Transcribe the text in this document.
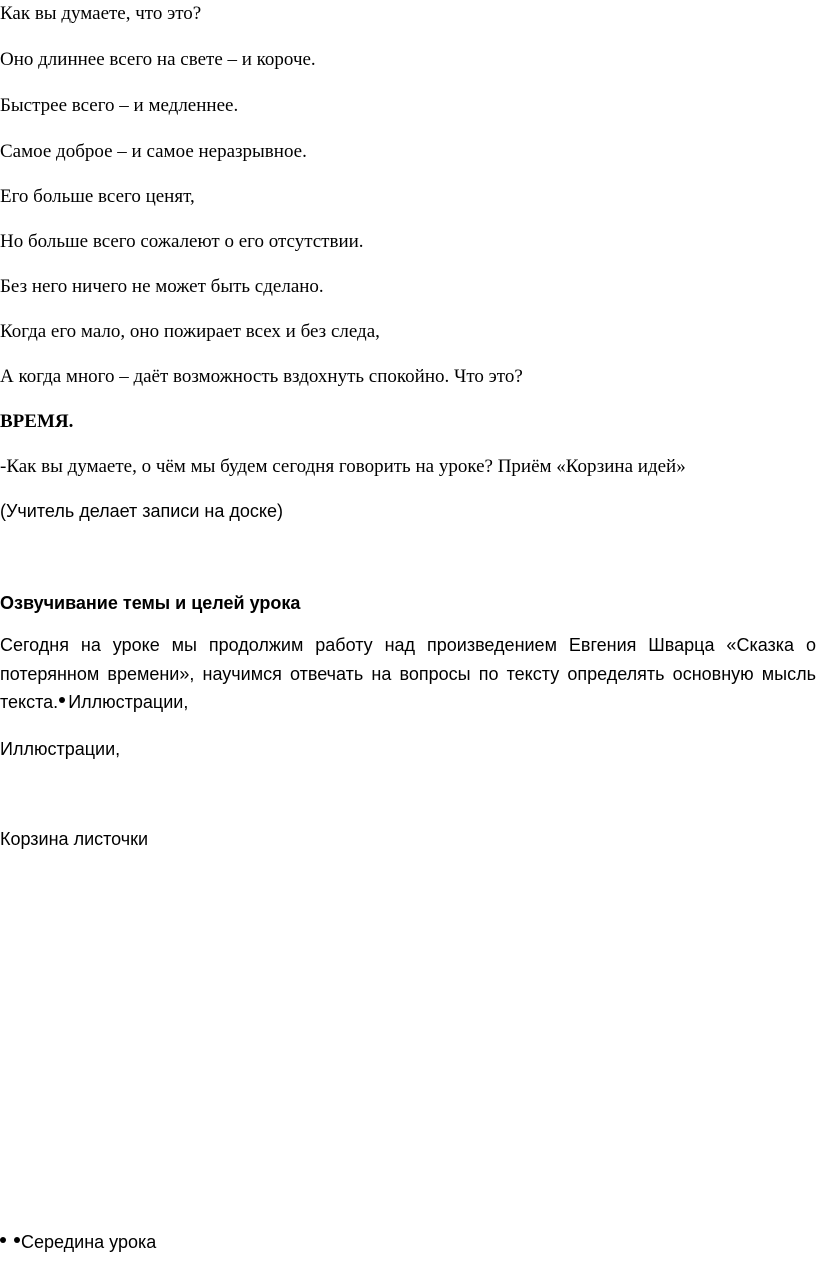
Как вы думаете, что это?

Оно длиннее всего на свете – и короче.

Быстрее всего – и медленнее.

Самое доброе – и самое неразрывное.

Его больше всего ценят,

Но больше всего сожалеют о его отсутствии.

Без него ничего не может быть сделано.

Когда его мало, оно пожирает всех и без следа,

А когда много – даёт возможность вздохнуть спокойно. Что это?

ВРЕМЯ.

-Как вы думаете, о чём мы будем сегодня говорить на уроке? Приём «Корзина идей»

(Учитель делает записи на доске)

Озвучивание темы и целей урока

Сегодня на уроке мы продолжим работу над произведением Евгения Шварца «Сказка о потерянном времени», научимся отвечать на вопросы по тексту определять основную мысль текста. Иллюстрации,

Иллюстрации,

Корзина листочки

Середина урока
